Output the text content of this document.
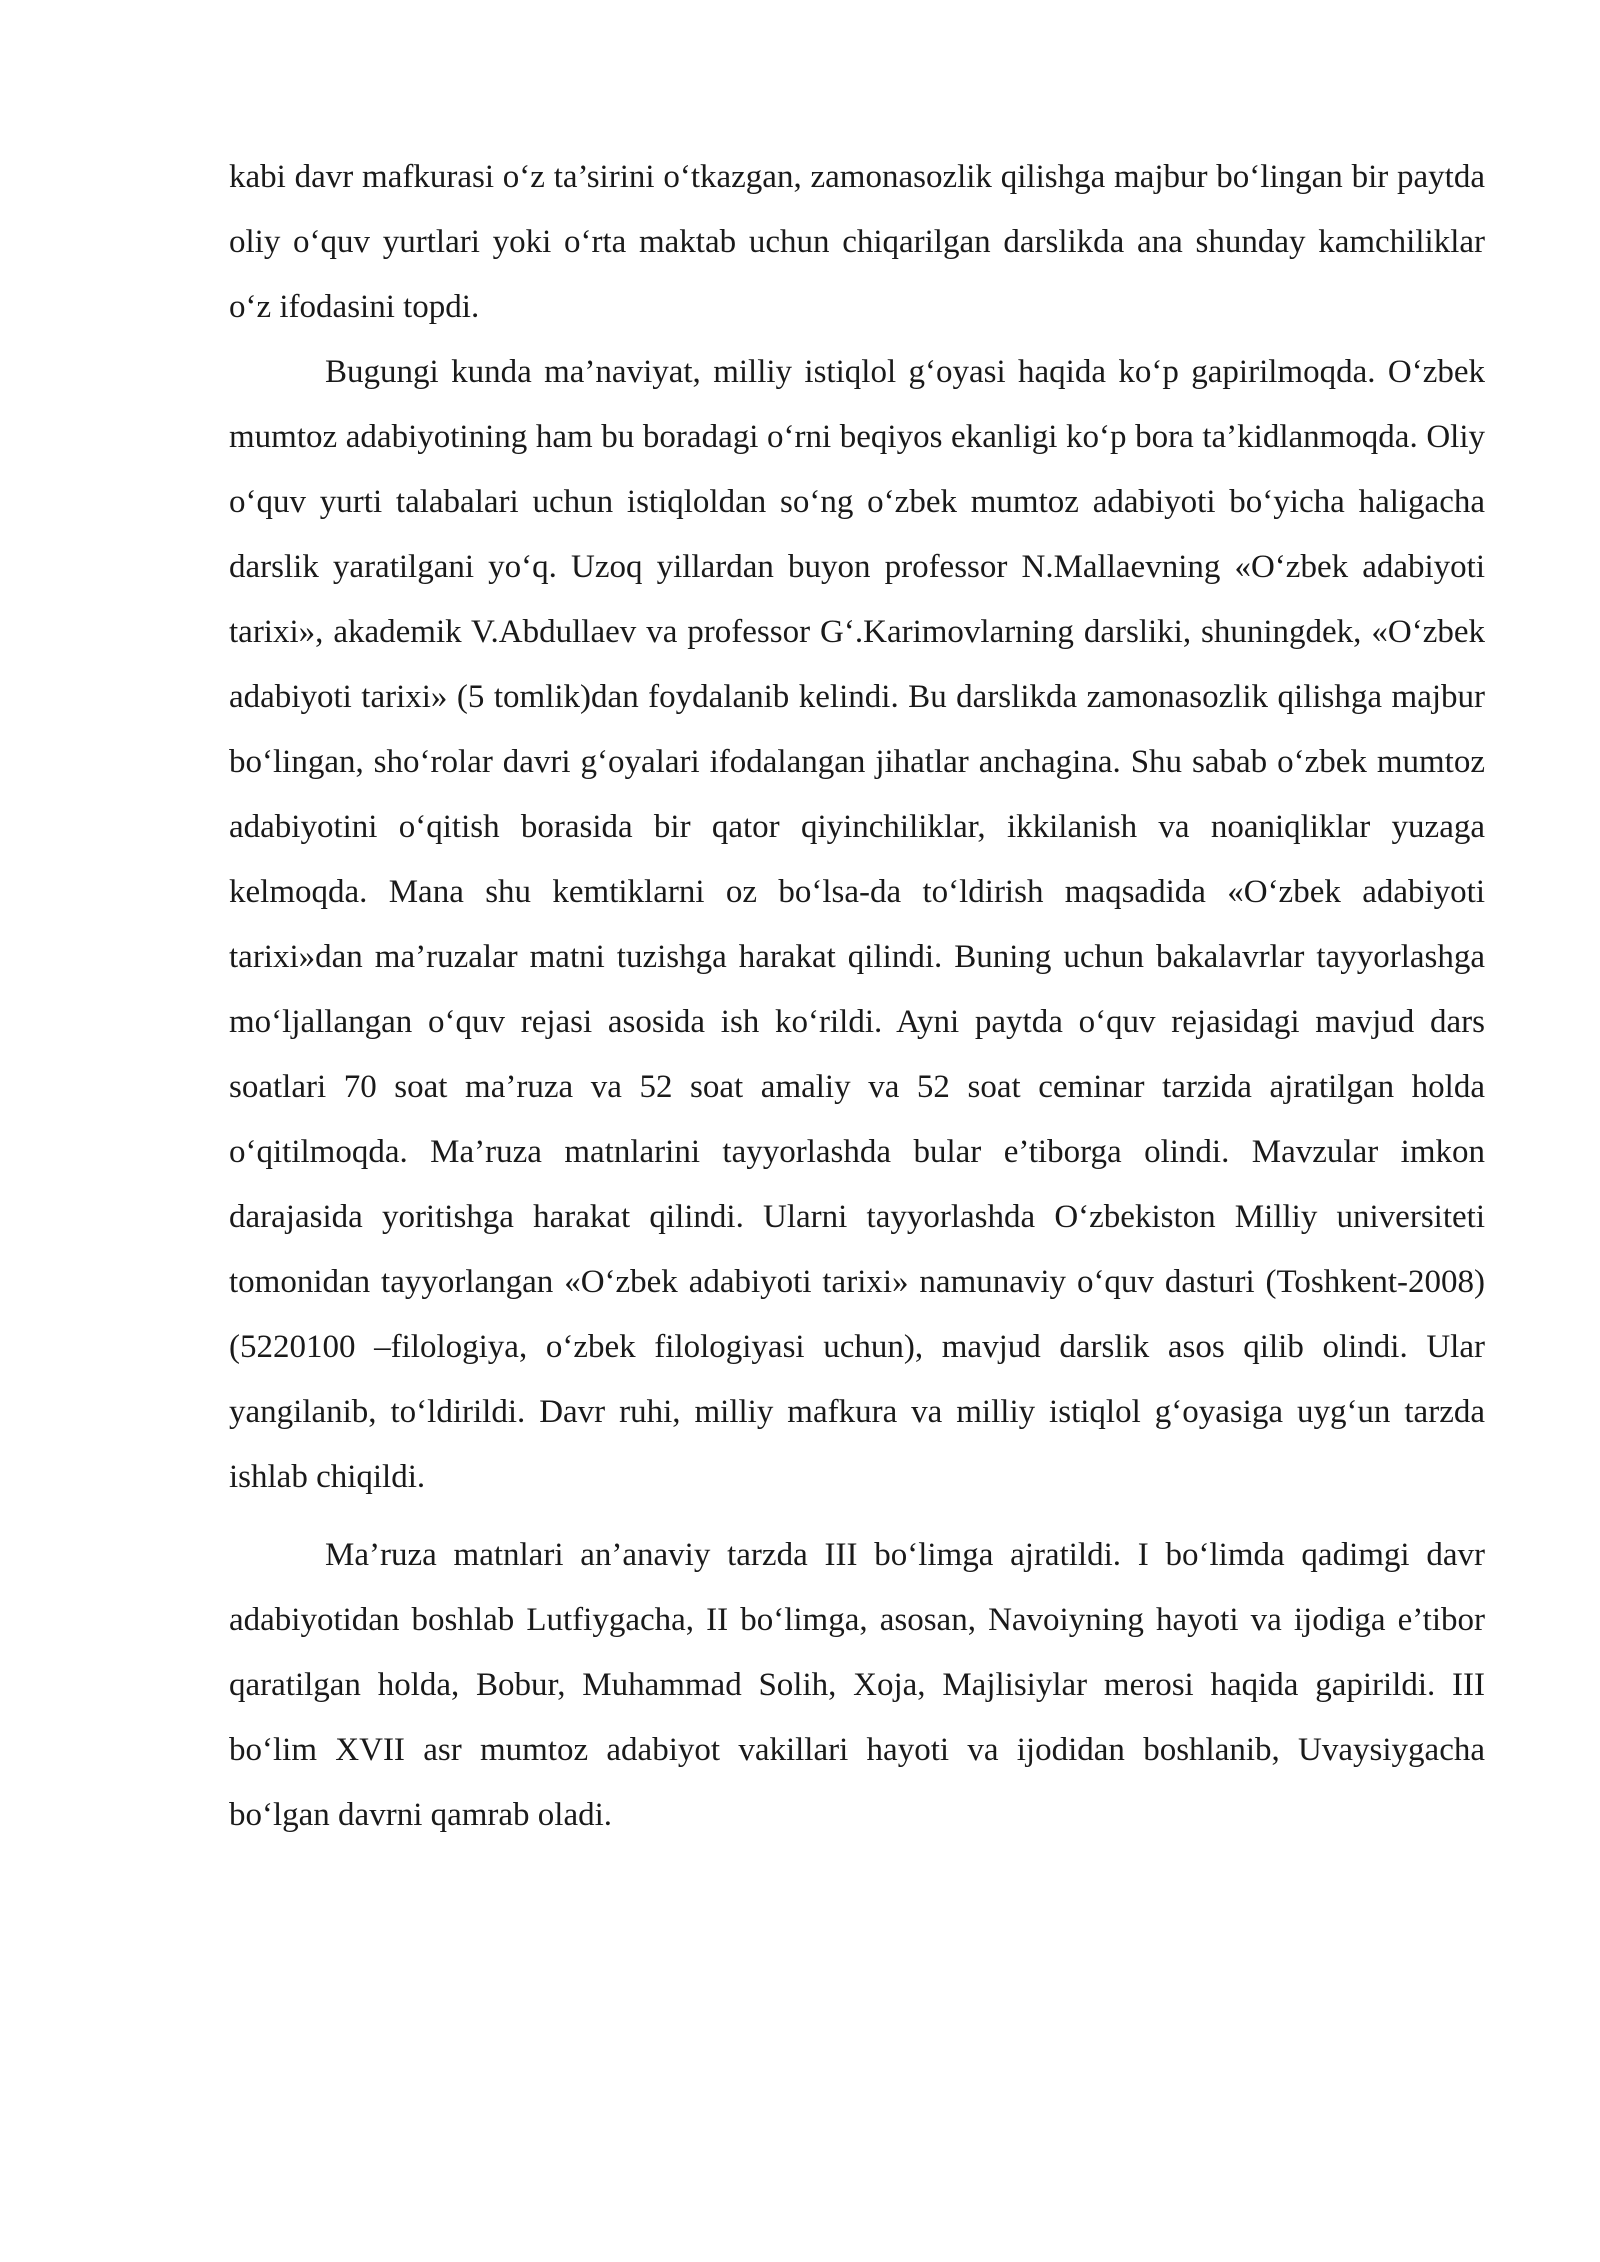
kabi davr mafkurasi o‘z ta’sirini o‘tkazgan, zamonasozlik qilishga majbur bo‘lingan bir paytda oliy o‘quv yurtlari yoki o‘rta maktab uchun chiqarilgan darslikda ana shunday kamchiliklar o‘z ifodasini topdi.

Bugungi kunda ma’naviyat, milliy istiqlol g‘oyasi haqida ko‘p gapirilmoqda. O‘zbek mumtoz adabiyotining ham bu boradagi o‘rni beqiyos ekanligi ko‘p bora ta’kidlanmoqda. Oliy o‘quv yurti talabalari uchun istiqloldan so‘ng o‘zbek mumtoz adabiyoti bo‘yicha haligacha darslik yaratilgani yo‘q. Uzoq yillardan buyon professor N.Mallaevning «O‘zbek adabiyoti tarixi», akademik V.Abdullaev va professor G‘.Karimovlarning darsliki, shuningdek, «O‘zbek adabiyoti tarixi» (5 tomlik)dan foydalanib kelindi. Bu darslikda zamonasozlik qilishga majbur bo‘lingan, sho‘rolar davri g‘oyalari ifodalangan jihatlar anchagina. Shu sabab o‘zbek mumtoz adabiyotini o‘qitish borasida bir qator qiyinchiliklar, ikkilanish va noaniqliklar yuzaga kelmoqda. Mana shu kemtiklarni oz bo‘lsa-da to‘ldirish maqsadida «O‘zbek adabiyoti tarixi»dan ma’ruzalar matni tuzishga harakat qilindi. Buning uchun bakalavrlar tayyorlashga mo‘ljallangan o‘quv rejasi asosida ish ko‘rildi. Ayni paytda o‘quv rejasidagi mavjud dars soatlari 70 soat ma’ruza va 52 soat amaliy va 52 soat ceminar tarzida ajratilgan holda o‘qitilmoqda. Ma’ruza matnlarini tayyorlashda bular e’tiborga olindi. Mavzular imkon darajasida yoritishga harakat qilindi. Ularni tayyorlashda O‘zbekiston Milliy universiteti tomonidan tayyorlangan «O‘zbek adabiyoti tarixi» namunaviy o‘quv dasturi (Toshkent-2008) (5220100 –filologiya, o‘zbek filologiyasi uchun), mavjud darslik asos qilib olindi. Ular yangilanib, to‘ldirildi. Davr ruhi, milliy mafkura va milliy istiqlol g‘oyasiga uyg‘un tarzda ishlab chiqildi.

Ma’ruza matnlari an’anaviy tarzda III bo‘limga ajratildi. I bo‘limda qadimgi davr adabiyotidan boshlab Lutfiygacha, II bo‘limga, asosan, Navoiyning hayoti va ijodiga e’tibor qaratilgan holda, Bobur, Muhammad Solih, Xoja, Majlisiylar merosi haqida gapirildi. III bo‘lim XVII asr mumtoz adabiyot vakillari hayoti va ijodidan boshlanib, Uvaysiygacha bo‘lgan davrni qamrab oladi.
